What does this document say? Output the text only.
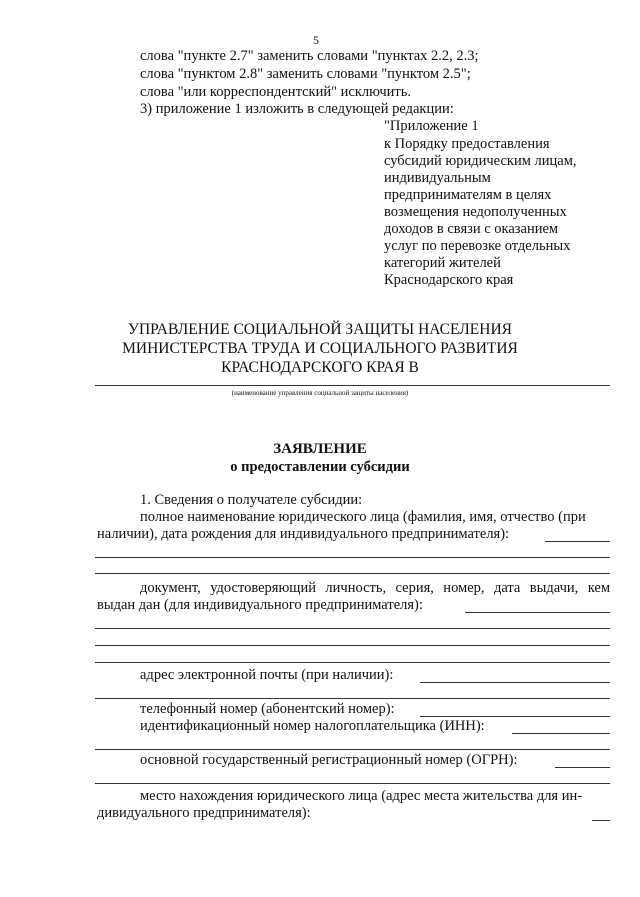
5
слова "пункте 2.7" заменить словами "пунктах 2.2, 2.3;
слова "пунктом 2.8" заменить словами "пунктом 2.5";
слова "или корреспондентский" исключить.
3) приложение 1 изложить в следующей редакции:
"Приложение 1
к Порядку предоставления
субсидий юридическим лицам,
индивидуальным
предпринимателям в целях
возмещения недополученных
доходов в связи с оказанием
услуг по перевозке отдельных
категорий жителей
Краснодарского края
УПРАВЛЕНИЕ СОЦИАЛЬНОЙ ЗАЩИТЫ НАСЕЛЕНИЯ
МИНИСТЕРСТВА ТРУДА И СОЦИАЛЬНОГО РАЗВИТИЯ
КРАСНОДАРСКОГО КРАЯ В
(наименование управления социальной защиты населения)
ЗАЯВЛЕНИЕ
о предоставлении субсидии
1. Сведения о получателе субсидии:
полное наименование юридического лица (фамилия, имя, отчество (при
наличии), дата рождения для индивидуального предпринимателя):
документ, удостоверяющий личность, серия, номер, дата выдачи, кем
выдан дан (для индивидуального предпринимателя):
адрес электронной почты (при наличии):
телефонный номер (абонентский номер):
идентификационный номер налогоплательщика (ИНН):
основной государственный регистрационный номер (ОГРН):
место нахождения юридического лица (адрес места жительства для ин-
дивидуального предпринимателя):
